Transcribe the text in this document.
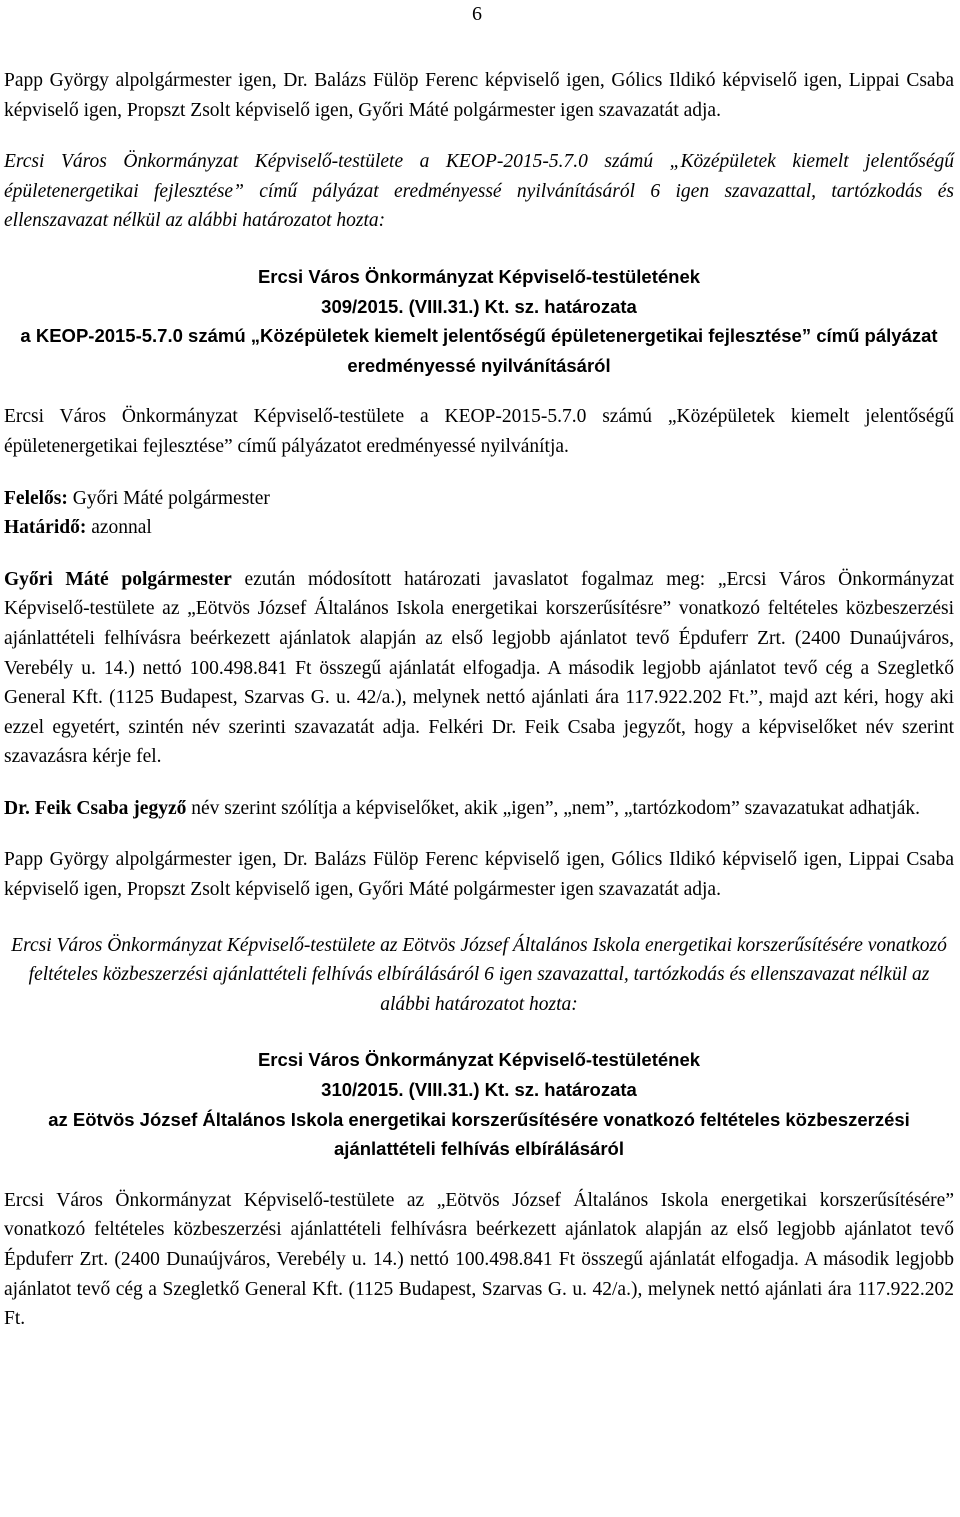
6

Papp György alpolgármester igen, Dr. Balázs Fülöp Ferenc képviselő igen, Gólics Ildikó képviselő igen, Lippai Csaba képviselő igen, Propszt Zsolt képviselő igen, Győri Máté polgármester igen szavazatát adja.

Ercsi Város Önkormányzat Képviselő-testülete a KEOP-2015-5.7.0 számú „Középületek kiemelt jelentőségű épületenergetikai fejlesztése” című pályázat eredményessé nyilvánításáról 6 igen szavazattal, tartózkodás és ellenszavazat nélkül az alábbi határozatot hozta:

Ercsi Város Önkormányzat Képviselő-testületének

309/2015. (VIII.31.) Kt. sz. határozata

a KEOP-2015-5.7.0 számú „Középületek kiemelt jelentőségű épületenergetikai fejlesztése” című pályázat eredményessé nyilvánításáról

Ercsi Város Önkormányzat Képviselő-testülete a KEOP-2015-5.7.0 számú „Középületek kiemelt jelentőségű épületenergetikai fejlesztése” című pályázatot eredményessé nyilvánítja.

Felelős: Győri Máté polgármester

Határidő: azonnal

Győri Máté polgármester ezután módosított határozati javaslatot fogalmaz meg: „Ercsi Város Önkormányzat Képviselő-testülete az „Eötvös József Általános Iskola energetikai korszerűsítésre” vonatkozó feltételes közbeszerzési ajánlattételi felhívásra beérkezett ajánlatok alapján az első legjobb ajánlatot tevő Épduferr Zrt. (2400 Dunaújváros, Verebély u. 14.) nettó 100.498.841 Ft összegű ajánlatát elfogadja. A második legjobb ajánlatot tevő cég a Szegletkő General Kft. (1125 Budapest, Szarvas G. u. 42/a.), melynek nettó ajánlati ára 117.922.202 Ft.”, majd azt kéri, hogy aki ezzel egyetért, szintén név szerinti szavazatát adja. Felkéri Dr. Feik Csaba jegyzőt, hogy a képviselőket név szerint szavazásra kérje fel.

Dr. Feik Csaba jegyző név szerint szólítja a képviselőket, akik „igen”, „nem”, „tartózkodom” szavazatukat adhatják.

Papp György alpolgármester igen, Dr. Balázs Fülöp Ferenc képviselő igen, Gólics Ildikó képviselő igen, Lippai Csaba képviselő igen, Propszt Zsolt képviselő igen, Győri Máté polgármester igen szavazatát adja.

Ercsi Város Önkormányzat Képviselő-testülete az Eötvös József Általános Iskola energetikai korszerűsítésére vonatkozó feltételes közbeszerzési ajánlattételi felhívás elbírálásáról 6 igen szavazattal, tartózkodás és ellenszavazat nélkül az alábbi határozatot hozta:

Ercsi Város Önkormányzat Képviselő-testületének

310/2015. (VIII.31.) Kt. sz. határozata

az Eötvös József Általános Iskola energetikai korszerűsítésére vonatkozó feltételes közbeszerzési ajánlattételi felhívás elbírálásáról

Ercsi Város Önkormányzat Képviselő-testülete az „Eötvös József Általános Iskola energetikai korszerűsítésére” vonatkozó feltételes közbeszerzési ajánlattételi felhívásra beérkezett ajánlatok alapján az első legjobb ajánlatot tevő Épduferr Zrt. (2400 Dunaújváros, Verebély u. 14.) nettó 100.498.841 Ft összegű ajánlatát elfogadja. A második legjobb ajánlatot tevő cég a Szegletkő General Kft. (1125 Budapest, Szarvas G. u. 42/a.), melynek nettó ajánlati ára 117.922.202 Ft.
